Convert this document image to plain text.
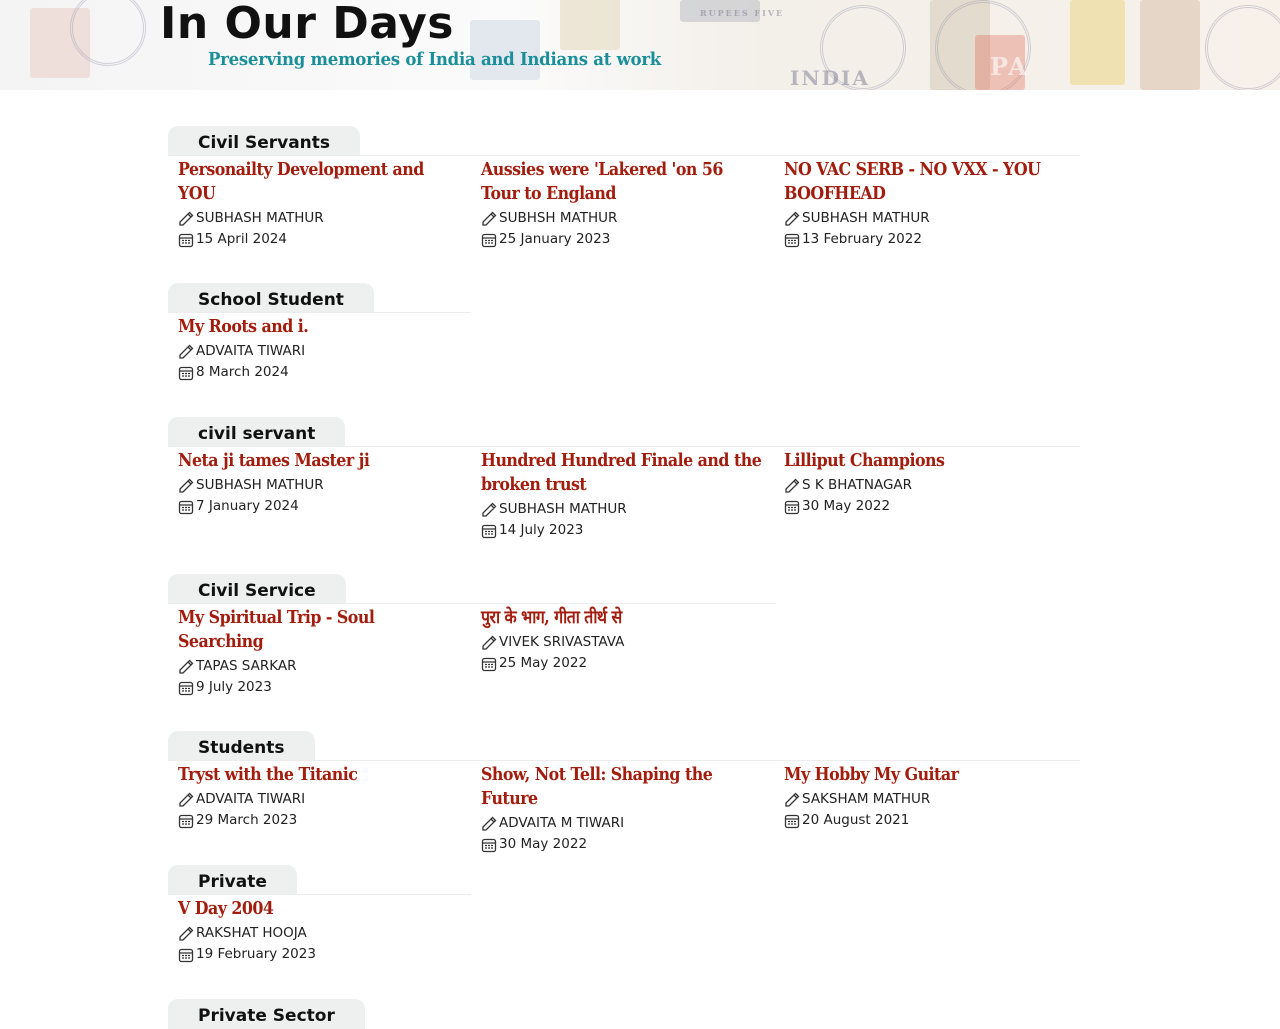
INDIA	PA
RUPEES FIVE
In Our Days

Preserving memories of India and Indians at work

Civil Servants
Personailty Development and YOU
SUBHASH MATHUR
15 April 2024
Aussies were 'Lakered 'on 56 Tour to England
SUBHSH MATHUR
25 January 2023
NO VAC SERB - NO VXX - YOU BOOFHEAD
SUBHASH MATHUR
13 February 2022
School Student
My Roots and i.
ADVAITA TIWARI
8 March 2024
civil servant
Neta ji tames Master ji
SUBHASH MATHUR
7 January 2024
Hundred Hundred Finale and the broken trust
SUBHASH MATHUR
14 July 2023
Lilliput Champions
S K BHATNAGAR
30 May 2022
Civil Service
My Spiritual Trip - Soul Searching
TAPAS SARKAR
9 July 2023
पुरा के भाग, गीता तीर्थ से
VIVEK SRIVASTAVA
25 May 2022
Students
Tryst with the Titanic
ADVAITA TIWARI
29 March 2023
Show, Not Tell: Shaping the Future
ADVAITA M TIWARI
30 May 2022
My Hobby My Guitar
SAKSHAM MATHUR
20 August 2021
Private
V Day 2004
RAKSHAT HOOJA
19 February 2023
Private Sector
